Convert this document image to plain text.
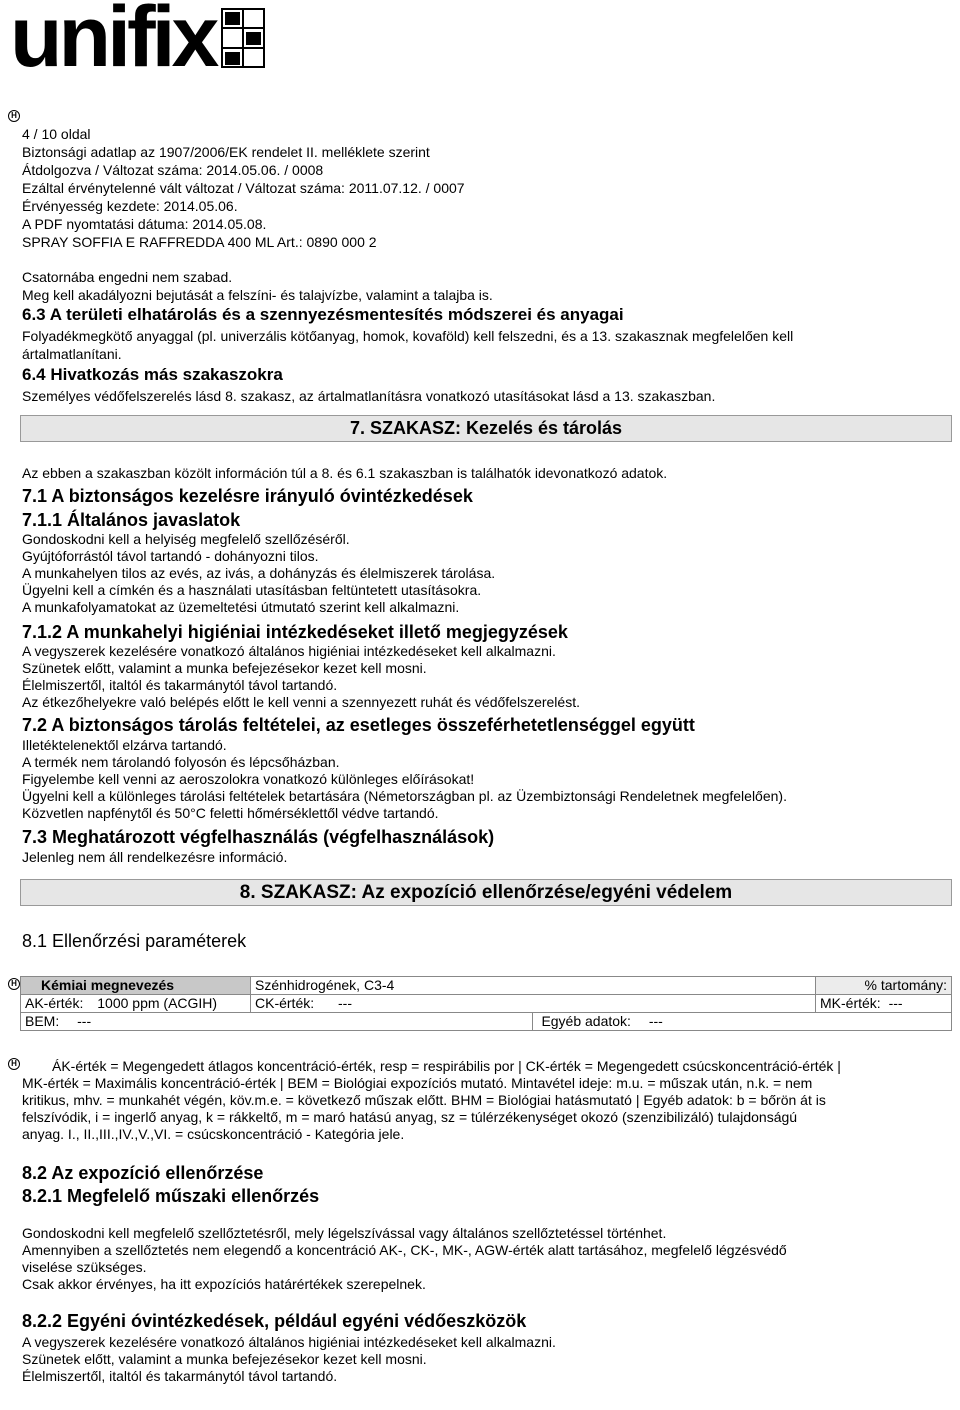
unifix
H
4 / 10 oldal
Biztonsági adatlap az 1907/2006/EK rendelet II. melléklete szerint
Átdolgozva / Változat száma: 2014.05.06. / 0008
Ezáltal érvénytelenné vált változat / Változat száma: 2011.07.12. / 0007
Érvényesség kezdete: 2014.05.06.
A PDF nyomtatási dátuma: 2014.05.08.
SPRAY SOFFIA E RAFFREDDA 400 ML Art.: 0890 000 2
Csatornába engedni nem szabad.
Meg kell akadályozni bejutását a felszíni- és talajvízbe, valamint a talajba is.
6.3 A területi elhatárolás és a szennyezésmentesítés módszerei és anyagai
Folyadékmegkötő anyaggal (pl. univerzális kötőanyag, homok, kovaföld) kell felszedni, és a 13. szakasznak megfelelően kell
ártalmatlanítani.
6.4 Hivatkozás más szakaszokra
Személyes védőfelszerelés lásd 8. szakasz, az ártalmatlanításra vonatkozó utasításokat lásd a 13. szakaszban.
7. SZAKASZ: Kezelés és tárolás
Az ebben a szakaszban közölt információn túl a 8. és 6.1 szakaszban is találhatók idevonatkozó adatok.
7.1 A biztonságos kezelésre irányuló óvintézkedések
7.1.1 Általános javaslatok
Gondoskodni kell a helyiség megfelelő szellőzéséről.
Gyújtóforrástól távol tartandó - dohányozni tilos.
A munkahelyen tilos az evés, az ivás, a dohányzás és élelmiszerek tárolása.
Ügyelni kell a címkén és a használati utasításban feltüntetett utasításokra.
A munkafolyamatokat az üzemeltetési útmutató szerint kell alkalmazni.
7.1.2 A munkahelyi higiéniai intézkedéseket illető megjegyzések
A vegyszerek kezelésére vonatkozó általános higiéniai intézkedéseket kell alkalmazni.
Szünetek előtt, valamint a munka befejezésekor kezet kell mosni.
Élelmiszertől, italtól és takarmánytól távol tartandó.
Az étkezőhelyekre való belépés előtt le kell venni a szennyezett ruhát és védőfelszerelést.
7.2 A biztonságos tárolás feltételei, az esetleges összeférhetetlenséggel együtt
Illetéktelenektől elzárva tartandó.
A termék nem tárolandó folyosón és lépcsőházban.
Figyelembe kell venni az aeroszolokra vonatkozó különleges előírásokat!
Ügyelni kell a különleges tárolási feltételek betartására (Németországban pl. az Üzembiztonsági Rendeletnek megfelelően).
Közvetlen napfénytől és 50°C feletti hőmérséklettől védve tartandó.
7.3 Meghatározott végfelhasználás (végfelhasználások)
Jelenleg nem áll rendelkezésre információ.
8. SZAKASZ: Az expozíció ellenőrzése/egyéni védelem
8.1 Ellenőrzési paraméterek
H Kémiai megnevezés	Szénhidrogének, C3-4		% tartomány:
AK-érték: 1000 ppm (ACGIH)	CK-érték: ---		MK-érték: ---
BEM: ---		Egyéb adatok: ---	
H	ÁK-érték = Megengedett átlagos koncentráció-érték, resp = respirábilis por | CK-érték = Megengedett csúcskoncentráció-érték |
MK-érték = Maximális koncentráció-érték | BEM = Biológiai expozíciós mutató. Mintavétel ideje: m.u. = műszak után, n.k. = nem
kritikus, mhv. = munkahét végén, köv.m.e. = következő műszak előtt. BHM = Biológiai hatásmutató | Egyéb adatok: b = bőrön át is
felszívódik, i = ingerlő anyag, k = rákkeltő, m = maró hatású anyag, sz = túlérzékenységet okozó (szenzibilizáló) tulajdonságú
anyag. I., II.,III.,IV.,V.,VI. = csúcskoncentráció - Kategória jele.
8.2 Az expozíció ellenőrzése
8.2.1 Megfelelő műszaki ellenőrzés
Gondoskodni kell megfelelő szellőztetésről, mely légelszívással vagy általános szellőztetéssel történhet.
Amennyiben a szellőztetés nem elegendő a koncentráció AK-, CK-, MK-, AGW-érték alatt tartásához, megfelelő légzésvédő
viselése szükséges.
Csak akkor érvényes, ha itt expozíciós határértékek szerepelnek.
8.2.2 Egyéni óvintézkedések, például egyéni védőeszközök
A vegyszerek kezelésére vonatkozó általános higiéniai intézkedéseket kell alkalmazni.
Szünetek előtt, valamint a munka befejezésekor kezet kell mosni.
Élelmiszertől, italtól és takarmánytól távol tartandó.
